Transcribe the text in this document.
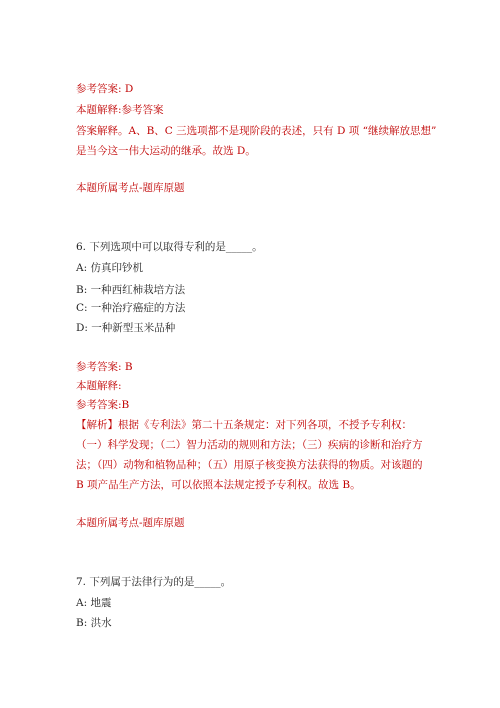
参考答案: D

本题解释:参考答案

答案解释。A、B、C 三选项都不是现阶段的表述，只有 D 项 “继续解放思想”

是当今这一伟大运动的继承。故选 D。

本题所属考点-题库原题

6. 下列选项中可以取得专利的是_____。

A: 仿真印钞机

B: 一种西红柿栽培方法

C: 一种治疗癌症的方法

D: 一种新型玉米品种

参考答案: B

本题解释:

参考答案:B

【解析】根据《专利法》第二十五条规定：对下列各项，不授予专利权：

（一）科学发现；（二）智力活动的规则和方法；（三）疾病的诊断和治疗方

法；（四）动物和植物品种；（五）用原子核变换方法获得的物质。对该题的

B 项产品生产方法，可以依照本法规定授予专利权。故选 B。

本题所属考点-题库原题

7. 下列属于法律行为的是_____。

A: 地震

B: 洪水
